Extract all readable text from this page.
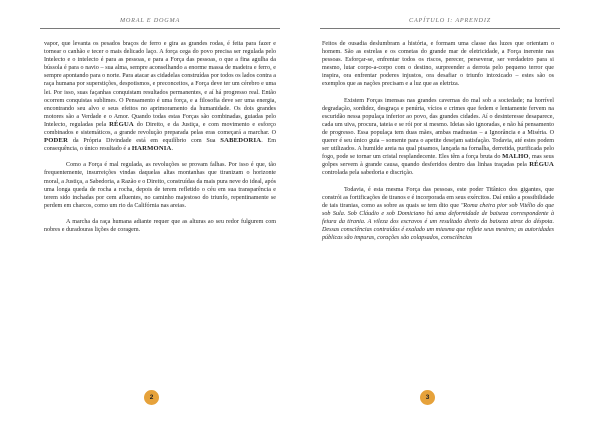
MORAL E DOGMA

vapor, que levanta os pesados braços de ferro e gira as grandes rodas, é feita para fazer e tornear o canhão e tecer o mais delicado laço. A força cega do povo precisa ser regulada pelo Intelecto e o intelecto é para as pessoas, e para a Força das pessoas, o que a fina agulha da bússola é para o navio – sua alma, sempre aconselhando a enorme massa de madeira e ferro, e sempre apontando para o norte. Para atacar as cidadelas construídas por todos os lados contra a raça humana por superstições, despotismos, e preconceitos, a Força deve ter um cérebro e uma lei. Por isso, suas façanhas conquistam resultados permanentes, e aí há progresso real. Então ocorrem conquistas sublimes. O Pensamento é uma força, e a filosofia deve ser uma energia, encontrando seu alvo e seus efeitos no aprimoramento da humanidade. Os dois grandes motores são a Verdade e o Amor. Quando todas estas Forças são combinadas, guiadas pelo Intelecto, reguladas pela RÉGUA do Direito, e da Justiça, e com movimento e esforço combinados e sistemáticos, a grande revolução preparada pelas eras começará a marchar. O PODER da Própria Divindade está em equilíbrio com Sua SABEDORIA. Em consequência, o único resultado é a HARMONIA.

Como a Força é mal regulada, as revoluções se provam falhas. Por isso é que, tão frequentemente, insurreições vindas daquelas altas montanhas que tiranizam o horizonte moral, a Justiça, a Sabedoria, a Razão e o Direito, construídas da mais pura neve do ideal, após uma longa queda de rocha a rocha, depois de terem refletido o céu em sua transparência e terem sido inchadas por cem afluentes, no caminho majestoso do triunfo, repentinamente se perdem em charcos, como um rio da Califórnia nas areias.

A marcha da raça humana adiante requer que as alturas ao seu redor fulgurem com nobres e duradouras lições de coragem.

2
CAPÍTULO I: APRENDIZ

Feitos de ousadia deslumbram a história, e formam uma classe das luzes que orientam o homem. São as estrelas e os cometas do grande mar de eletricidade, a Força inerente nas pessoas. Esforçar-se, enfrentar todos os riscos, perecer, perseverar, ser verdadeiro para si mesmo, lutar corpo-a-corpo com o destino, surpreender a derrota pelo pequeno terror que inspira, ora enfrentar poderes injustos, ora desafiar o triunfo intoxicado – estes são os exemplos que as nações precisam e a luz que as eletriza.

Existem Forças imensas nas grandes cavernas do mal sob a sociedade; na horrível degradação, sordidez, desgraça e penúria, vícios e crimes que fedem e lentamente fervem na escuridão nessa populaça inferior ao povo, das grandes cidades. Aí o desinteresse desaparece, cada um uiva, procura, tateia e se rói por si mesmo. Ideias são ignoradas, e não há pensamento de progresso. Essa populaça tem duas mães, ambas madrastas – a Ignorância e a Miséria. O querer é seu único guia – somente para o apetite desejam satisfação. Todavia, até estes podem ser utilizados. A humilde areia na qual pisamos, lançada na fornalha, derretida, purificada pelo fogo, pode se tornar um cristal resplandecente. Eles têm a força bruta do MALHO, mas seus golpes servem à grande causa, quando desferidos dentro das linhas traçadas pela RÉGUA controlada pela sabedoria e discrição.

Todavia, é esta mesma Força das pessoas, este poder Titânico dos gigantes, que constrói as fortificações de tiranos e é incorporada em seus exércitos. Daí então a possibilidade de tais tiranias, como as sobre as quais se tem dito que "Roma cheira pior sob Vitélio do que sob Sula. Sob Cláudio e sob Domiciano há uma deformidade de baixeza correspondente à feiura da tirania. A vileza dos escravos é um resultado direto da baixeza atroz do déspota. Dessas consciências contraídas é exalado um miasma que reflete seus mestres; as autoridades públicas são impuras, corações são colapsados, consciências

3
